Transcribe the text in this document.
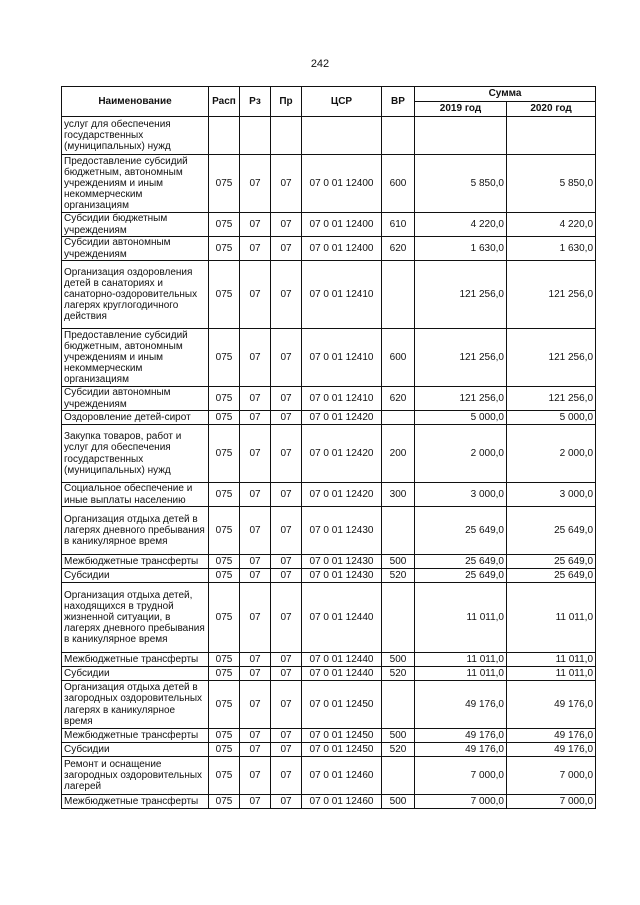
242
Наименование	Расп	Рз	Пр	ЦСР	ВР	Сумма	
						2019 год	2020 год
услуг для обеспечения государственных (муниципальных) нужд							
Предоставление субсидий бюджетным, автономным учреждениям и иным некоммерческим организациям	075	07	07	07 0 01 12400	600	5 850,0	5 850,0
Субсидии бюджетным учреждениям	075	07	07	07 0 01 12400	610	4 220,0	4 220,0
Субсидии автономным учреждениям	075	07	07	07 0 01 12400	620	1 630,0	1 630,0
Организация оздоровления детей в санаториях и санаторно-оздоровительных лагерях круглогодичного действия	075	07	07	07 0 01 12410		121 256,0	121 256,0
Предоставление субсидий бюджетным, автономным учреждениям и иным некоммерческим организациям	075	07	07	07 0 01 12410	600	121 256,0	121 256,0
Субсидии автономным учреждениям	075	07	07	07 0 01 12410	620	121 256,0	121 256,0
Оздоровление детей-сирот	075	07	07	07 0 01 12420		5 000,0	5 000,0
Закупка товаров, работ и услуг для обеспечения государственных (муниципальных) нужд	075	07	07	07 0 01 12420	200	2 000,0	2 000,0
Социальное обеспечение и иные выплаты населению	075	07	07	07 0 01 12420	300	3 000,0	3 000,0
Организация отдыха детей в лагерях дневного пребывания в каникулярное время	075	07	07	07 0 01 12430		25 649,0	25 649,0
Межбюджетные трансферты	075	07	07	07 0 01 12430	500	25 649,0	25 649,0
Субсидии	075	07	07	07 0 01 12430	520	25 649,0	25 649,0
Организация отдыха детей, находящихся в трудной жизненной ситуации, в лагерях дневного пребывания в каникулярное время	075	07	07	07 0 01 12440		11 011,0	11 011,0
Межбюджетные трансферты	075	07	07	07 0 01 12440	500	11 011,0	11 011,0
Субсидии	075	07	07	07 0 01 12440	520	11 011,0	11 011,0
Организация отдыха детей в загородных оздоровительных лагерях в каникулярное время	075	07	07	07 0 01 12450		49 176,0	49 176,0
Межбюджетные трансферты	075	07	07	07 0 01 12450	500	49 176,0	49 176,0
Субсидии	075	07	07	07 0 01 12450	520	49 176,0	49 176,0
Ремонт и оснащение загородных оздоровительных лагерей	075	07	07	07 0 01 12460		7 000,0	7 000,0
Межбюджетные трансферты	075	07	07	07 0 01 12460	500	7 000,0	7 000,0
